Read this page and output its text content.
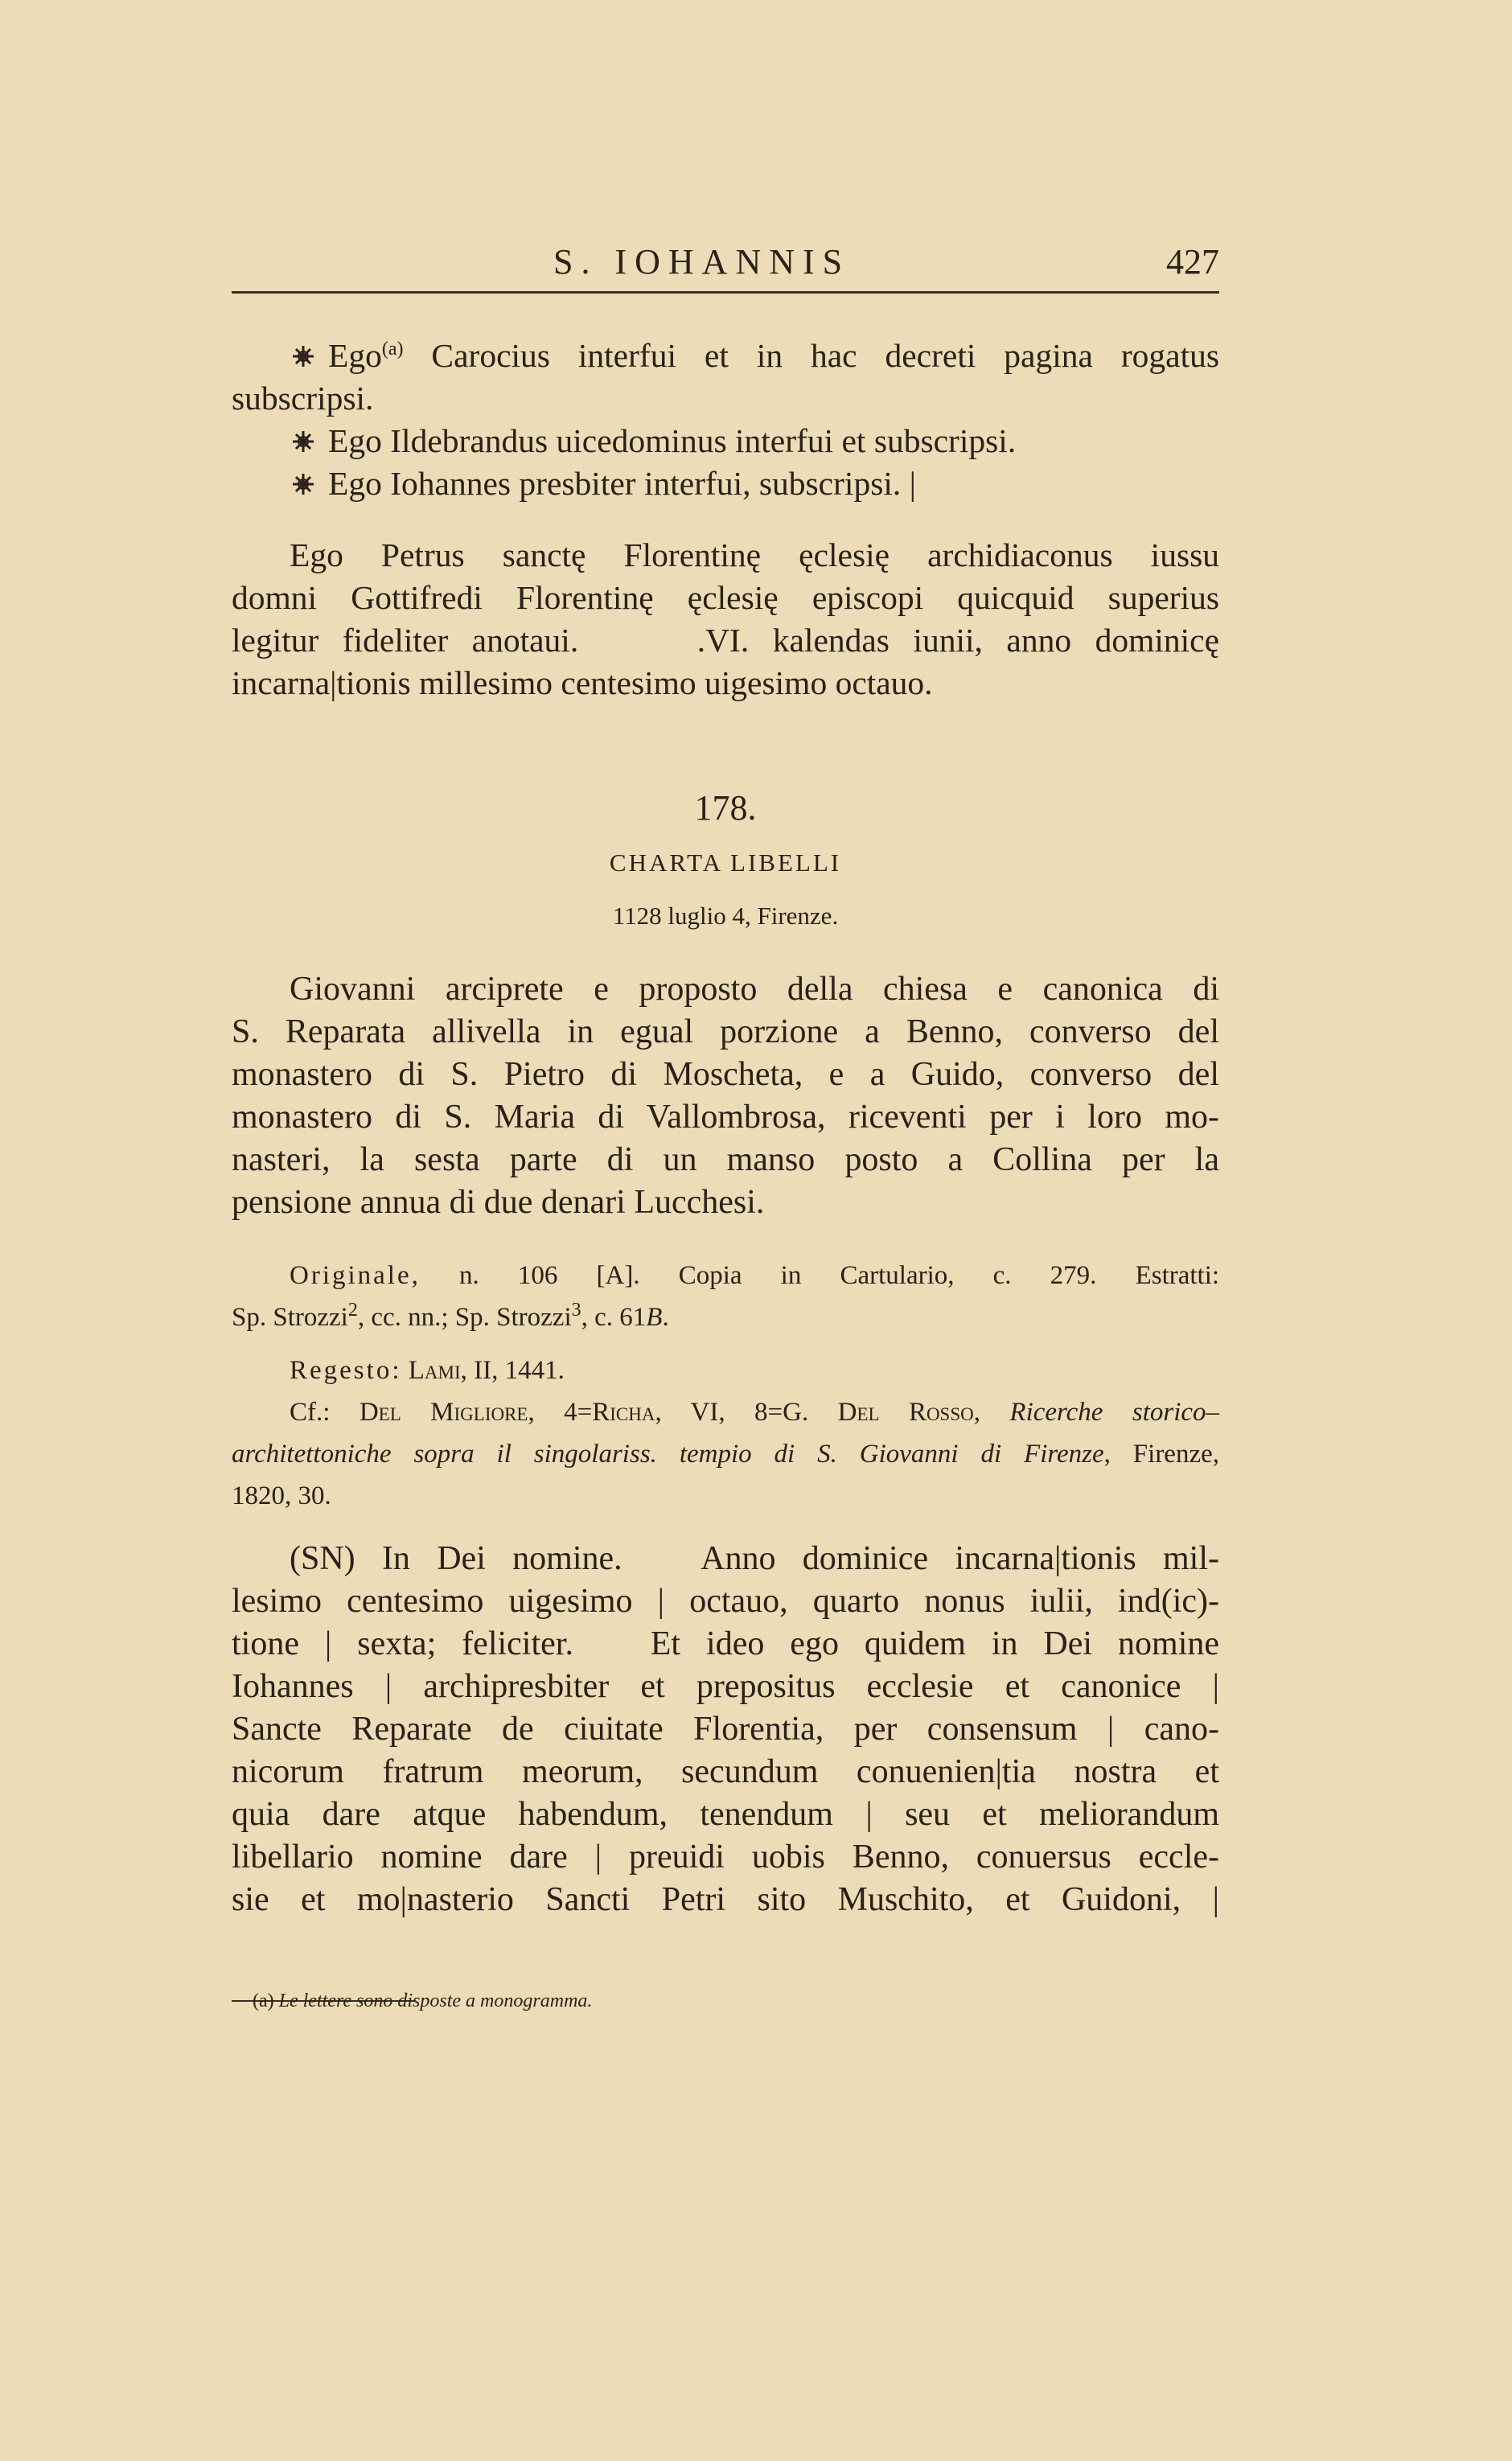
S. IOHANNIS	427
Ego$^{(a)}$ Carocius interfui et in hac decreti pagina rogatus
subscripsi.
Ego Ildebrandus uicedominus interfui et subscripsi.
Ego Iohannes presbiter interfui, subscripsi. |
Ego Petrus sanctę Florentinę ęclesię archidiaconus iussu
domni Gottifredi Florentinę ęclesię episcopi quicquid superius
legitur fideliter anotaui.     .VI. kalendas iunii, anno dominicę
incarna|tionis millesimo centesimo uigesimo octauo.
178.
CHARTA LIBELLI
1128 luglio 4, Firenze.
Giovanni arciprete e proposto della chiesa e canonica di
S. Reparata allivella in egual porzione a Benno, converso del
monastero di S. Pietro di Moscheta, e a Guido, converso del
monastero di S. Maria di Vallombrosa, riceventi per i loro mo-
nasteri, la sesta parte di un manso posto a Collina per la
pensione annua di due denari Lucchesi.
Originale, n. 106 [A]. Copia in Cartulario, c. 279. Estratti:
Sp. Strozzi$^2$, cc. nn.; Sp. Strozzi$^3$, c. 61B.
Regesto: Lami, II, 1441.
Cf.: Del Migliore, 4=Richa, VI, 8=G. Del Rosso, Ricerche storico–
architettoniche sopra il singolariss. tempio di S. Giovanni di Firenze, Firenze,
1820, 30.
(SN) In Dei nomine.   Anno dominice incarna|tionis mil-
lesimo centesimo uigesimo | octauo, quarto nonus iulii, ind(ic)-
tione | sexta; feliciter.   Et ideo ego quidem in Dei nomine
Iohannes | archipresbiter et prepositus ecclesie et canonice |
Sancte Reparate de ciuitate Florentia, per consensum | cano-
nicorum fratrum meorum, secundum conuenien|tia nostra et
quia dare atque habendum, tenendum | seu et meliorandum
libellario nomine dare | preuidi uobis Benno, conuersus eccle-
sie et mo|nasterio Sancti Petri sito Muschito, et Guidoni, |
(a) Le lettere sono disposte a monogramma.
